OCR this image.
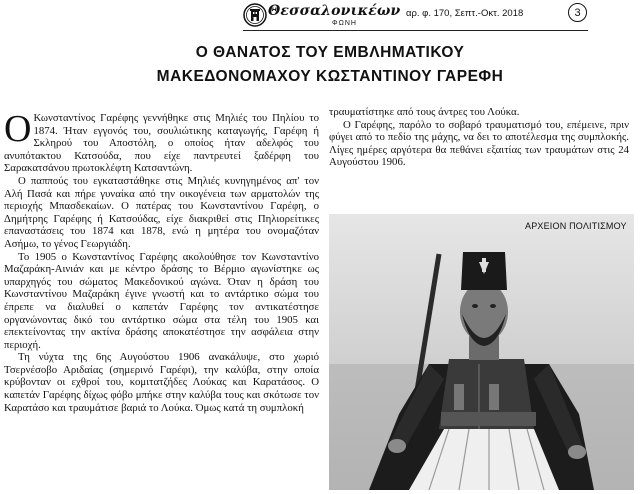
Θεσσαλονικέων
ΦΩΝΗ
αρ. φ. 170, Σεπτ.-Οκτ. 2018	3
Ο ΘΑΝΑΤΟΣ ΤΟΥ ΕΜΒΛΗΜΑΤΙΚΟΥ
ΜΑΚΕΔΟΝΟΜΑΧΟΥ ΚΩΣΤΑΝΤΙΝΟΥ ΓΑΡΕΦΗ

Ο Κωνσταντίνος Γαρέφης γεννήθηκε στις Μηλιές του Πηλίου το 1874. Ήταν εγγονός του, σουλιώτικης καταγωγής, Γαρέφη ή Σκληρού του Αποστόλη, ο οποίος ήταν αδελφός του ανυπότακτου Κατσούδα, που είχε παντρευτεί ξαδέρφη του Σαρακατσάνου πρωτοκλέφτη Κατσαντώνη.

Ο παππούς του εγκαταστάθηκε στις Μηλιές κυνηγημένος απ' τον Αλή Πασά και πήρε γυναίκα από την οικογένεια των αρματολών της περιοχής Μπασδεκαίων. Ο πατέρας του Κωνσταντίνου Γαρέφη, ο Δημήτρης Γαρέφης ή Κατσούδας, είχε διακριθεί στις Πηλιορείτικες επαναστάσεις του 1874 και 1878, ενώ η μητέρα του ονομαζόταν Ασήμω, το γένος Γεωργιάδη.

Το 1905 ο Κωνσταντίνος Γαρέφης ακολούθησε τον Κωνσταντίνο Μαζαράκη-Αινιάν και με κέντρο δράσης το Βέρμιο αγωνίστηκε ως υπαρχηγός του σώματος Μακεδονικού αγώνα. Όταν η δράση του Κωνσταντίνου Μαζαράκη έγινε γνωστή και το αντάρτικο σώμα του έπρεπε να διαλυθεί ο καπετάν Γαρέφης τον αντικατέστησε οργανώνοντας δικό του αντάρτικο σώμα στα τέλη του 1905 και επεκτείνοντας την ακτίνα δράσης αποκατέστησε την ασφάλεια στην περιοχή.

Τη νύχτα της 6ης Αυγούστου 1906 ανακάλυψε, στο χωριό Τσερνέσοβο Αριδαίας (σημερινό Γαρέφι), την καλύβα, στην οποία κρύβονταν οι εχθροί του, κομιτατζήδες Λούκας και Καρατάσος. Ο καπετάν Γαρέφης δίχως φόβο μπήκε στην καλύβα τους και σκότωσε τον Καρατάσο και τραυμάτισε βαριά το Λούκα. Όμως κατά τη συμπλοκή

τραυματίστηκε από τους άντρες του Λούκα.

Ο Γαρέφης, παρόλο το σοβαρό τραυματισμό του, επέμεινε, πριν φύγει από το πεδίο της μάχης, να δει το αποτέλεσμα της συμπλοκής. Λίγες ημέρες αργότερα θα πεθάνει εξαιτίας των τραυμάτων στις 24 Αυγούστου 1906.

ΑΡΧΕΙΟΝ ΠΟΛΙΤΙΣΜΟΥ
